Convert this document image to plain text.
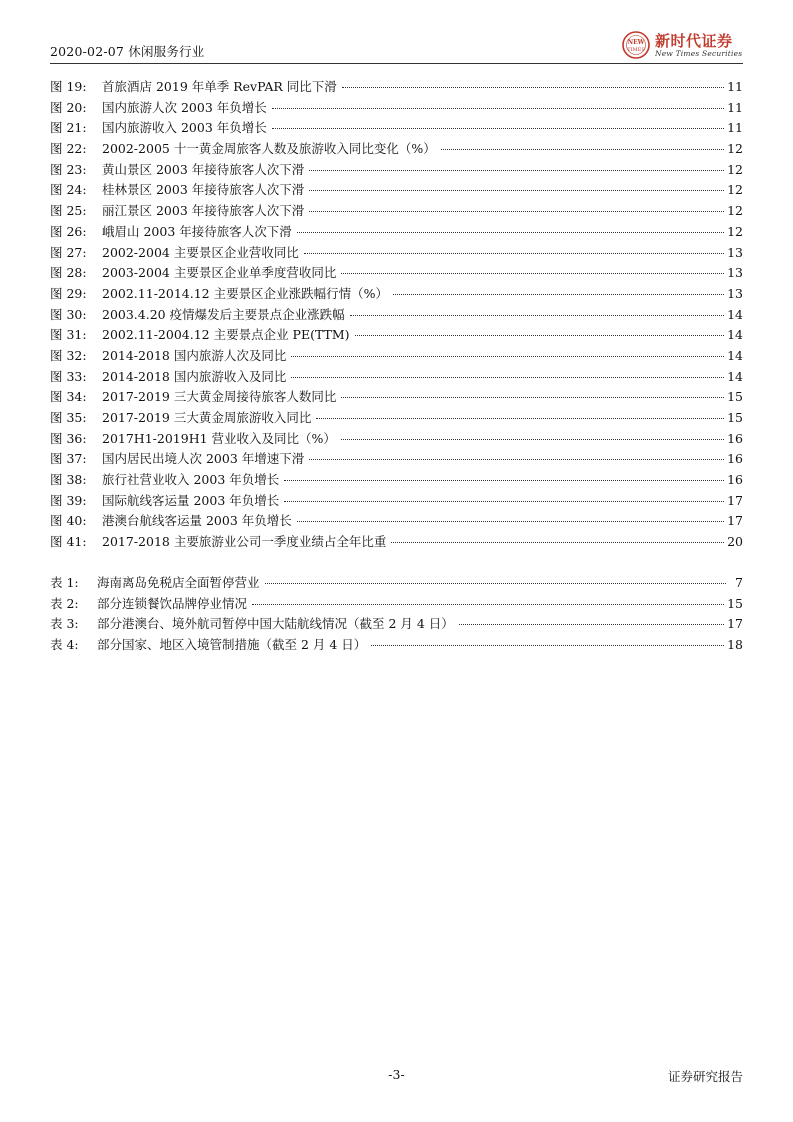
2020-02-07 休闲服务行业
NEW
TIMES 新时代证券
New Times Securities
图 19:	首旅酒店 2019 年单季 RevPAR 同比下滑	11
图 20:	国内旅游人次 2003 年负增长	11
图 21:	国内旅游收入 2003 年负增长	11
图 22:	2002-2005 十一黄金周旅客人数及旅游收入同比变化（%）	12
图 23:	黄山景区 2003 年接待旅客人次下滑	12
图 24:	桂林景区 2003 年接待旅客人次下滑	12
图 25:	丽江景区 2003 年接待旅客人次下滑	12
图 26:	峨眉山 2003 年接待旅客人次下滑	12
图 27:	2002-2004 主要景区企业营收同比	13
图 28:	2003-2004 主要景区企业单季度营收同比	13
图 29:	2002.11-2014.12 主要景区企业涨跌幅行情（%）	13
图 30:	2003.4.20 疫情爆发后主要景点企业涨跌幅	14
图 31:	2002.11-2004.12 主要景点企业 PE(TTM)	14
图 32:	2014-2018 国内旅游人次及同比	14
图 33:	2014-2018 国内旅游收入及同比	14
图 34:	2017-2019 三大黄金周接待旅客人数同比	15
图 35:	2017-2019 三大黄金周旅游收入同比	15
图 36:	2017H1-2019H1 营业收入及同比（%）	16
图 37:	国内居民出境人次 2003 年增速下滑	16
图 38:	旅行社营业收入 2003 年负增长	16
图 39:	国际航线客运量 2003 年负增长	17
图 40:	港澳台航线客运量 2003 年负增长	17
图 41:	2017-2018 主要旅游业公司一季度业绩占全年比重	20
表 1:	海南离岛免税店全面暂停营业	7
表 2:	部分连锁餐饮品牌停业情况	15
表 3:	部分港澳台、境外航司暂停中国大陆航线情况（截至 2 月 4 日）	17
表 4:	部分国家、地区入境管制措施（截至 2 月 4 日）	18
-3-	证券研究报告
